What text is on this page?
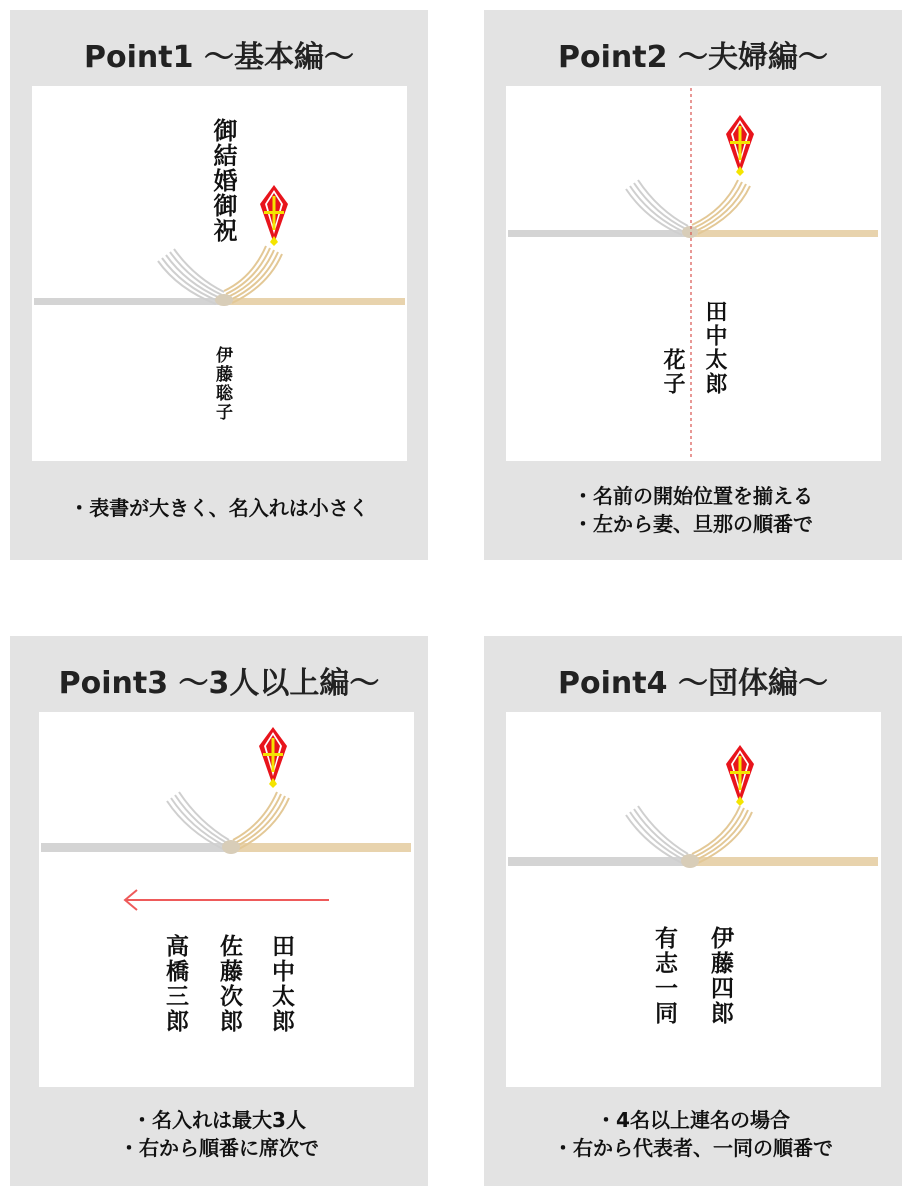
Point1 ～基本編～
御結婚御祝
伊藤聡子
・表書が大きく、名入れは小さく
Point2 ～夫婦編～
田中太郎
花子
・名前の開始位置を揃える
・左から妻、旦那の順番で
Point3 ～3人以上編～
田中太郎
佐藤次郎
高橋三郎
・名入れは最大3人
・右から順番に席次で
Point4 ～団体編～
伊藤四郎
有志一同
・4名以上連名の場合
・右から代表者、一同の順番で
